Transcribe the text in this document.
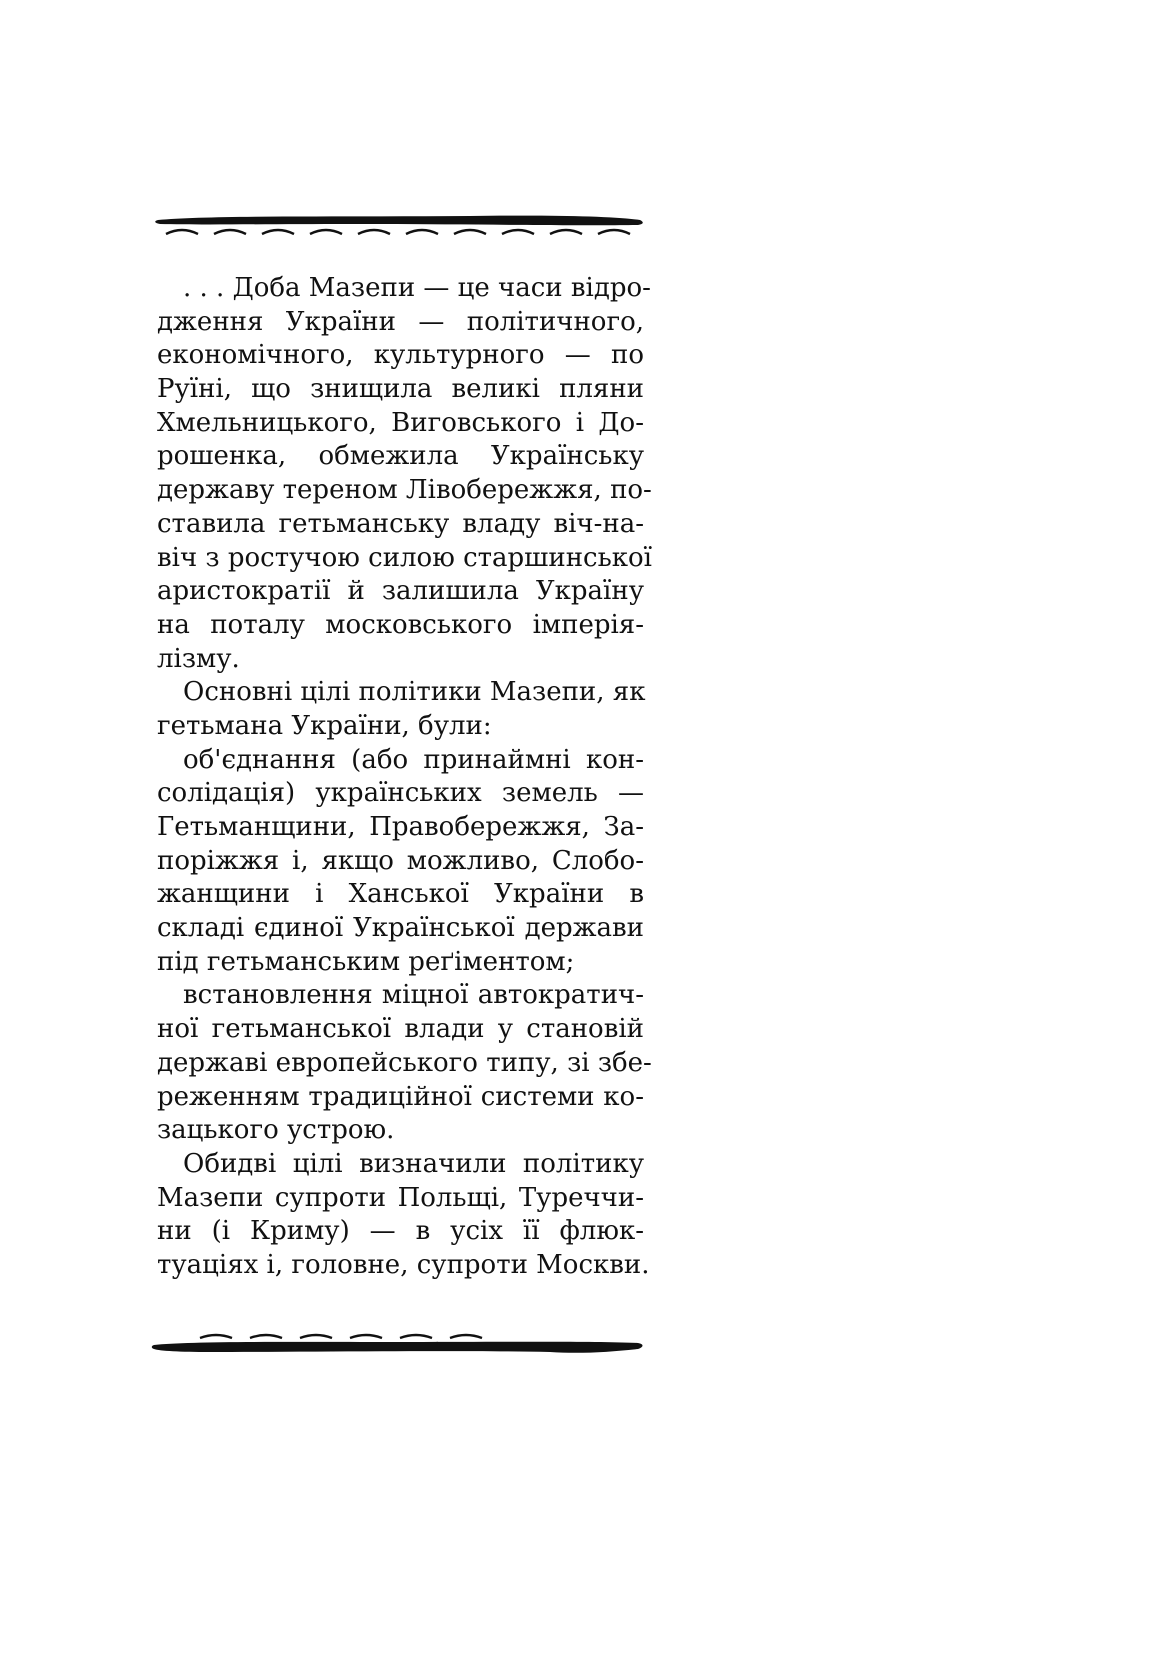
. . . Доба Мазепи — це часи відро-
дження України — політичного,
економічного, культурного — по
Руїні, що знищила великі пляни
Хмельницького, Виговського і До-
рошенка, обмежила Українську
державу тереном Лівобережжя, по-
ставила гетьманську владу віч-на-
віч з ростучою силою старшинської
аристократії й залишила Україну
на поталу московського імперія-
лізму.
Основні цілі політики Мазепи, як
гетьмана України, були:
об'єднання (або принаймні кон-
солідація) українських земель —
Гетьманщини, Правобережжя, За-
поріжжя і, якщо можливо, Слобо-
жанщини і Ханської України в
складі єдиної Української держави
під гетьманським реґіментом;
встановлення міцної автократич-
ної гетьманської влади у становій
державі европейського типу, зі збе-
реженням традиційної системи ко-
зацького устрою.
Обидві цілі визначили політику
Мазепи супроти Польщі, Туреччи-
ни (і Криму) — в усіх її флюк-
туаціях і, головне, супроти Москви.
